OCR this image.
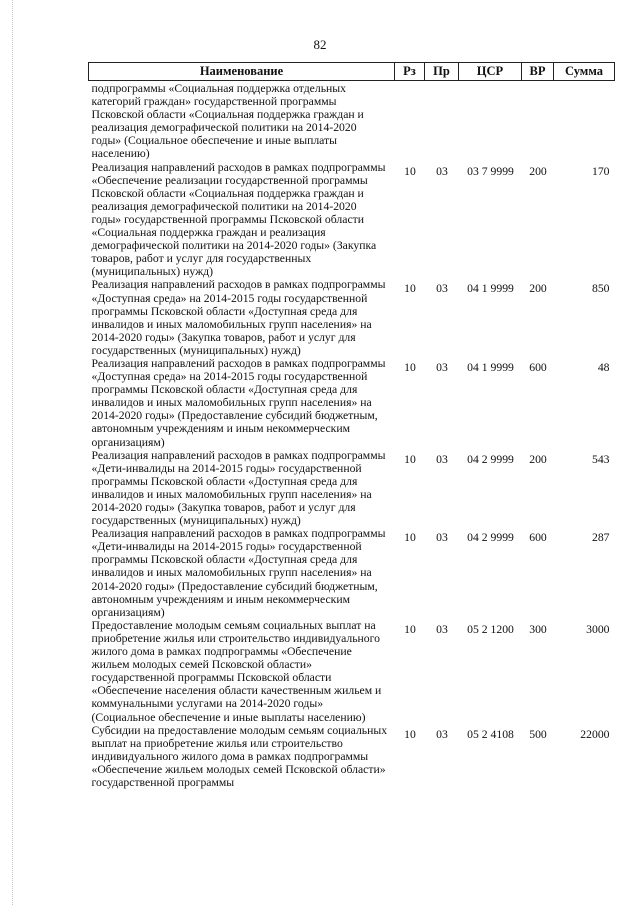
82
Наименование	Рз	Пр	ЦСР	ВР	Сумма
подпрограммы «Социальная поддержка отдельных категорий граждан» государственной программы Псковской области «Социальная поддержка граждан и реализация демографической политики на 2014-2020 годы» (Социальное обеспечение и иные выплаты населению)					
Реализация направлений расходов в рамках подпрограммы «Обеспечение реализации государственной программы Псковской области «Социальная поддержка граждан и реализация демографической политики на 2014-2020 годы» государственной программы Псковской области «Социальная поддержка граждан и реализация демографической политики на 2014-2020 годы» (Закупка товаров, работ и услуг для государственных (муниципальных) нужд)	10	03	03 7 9999	200	170
Реализация направлений расходов в рамках подпрограммы «Доступная среда» на 2014-2015 годы государственной программы Псковской области «Доступная среда для инвалидов и иных маломобильных групп населения» на 2014-2020 годы» (Закупка товаров, работ и услуг для государственных (муниципальных) нужд)	10	03	04 1 9999	200	850
Реализация направлений расходов в рамках подпрограммы «Доступная среда» на 2014-2015 годы государственной программы Псковской области «Доступная среда для инвалидов и иных маломобильных групп населения» на 2014-2020 годы» (Предоставление субсидий бюджетным, автономным учреждениям и иным некоммерческим организациям)	10	03	04 1 9999	600	48
Реализация направлений расходов в рамках подпрограммы «Дети-инвалиды на 2014-2015 годы» государственной программы Псковской области «Доступная среда для инвалидов и иных маломобильных групп населения» на 2014-2020 годы» (Закупка товаров, работ и услуг для государственных (муниципальных) нужд)	10	03	04 2 9999	200	543
Реализация направлений расходов в рамках подпрограммы «Дети-инвалиды на 2014-2015 годы» государственной программы Псковской области «Доступная среда для инвалидов и иных маломобильных групп населения» на 2014-2020 годы» (Предоставление субсидий бюджетным, автономным учреждениям и иным некоммерческим организациям)	10	03	04 2 9999	600	287
Предоставление молодым семьям социальных выплат на приобретение жилья или строительство индивидуального жилого дома в рамках подпрограммы «Обеспечение жильем молодых семей Псковской области» государственной программы Псковской области «Обеспечение населения области качественным жильем и коммунальными услугами на 2014-2020 годы» (Социальное обеспечение и иные выплаты населению)	10	03	05 2 1200	300	3000
Субсидии на предоставление молодым семьям социальных выплат на приобретение жилья или строительство индивидуального жилого дома в рамках подпрограммы «Обеспечение жильем молодых семей Псковской области» государственной программы	10	03	05 2 4108	500	22000
